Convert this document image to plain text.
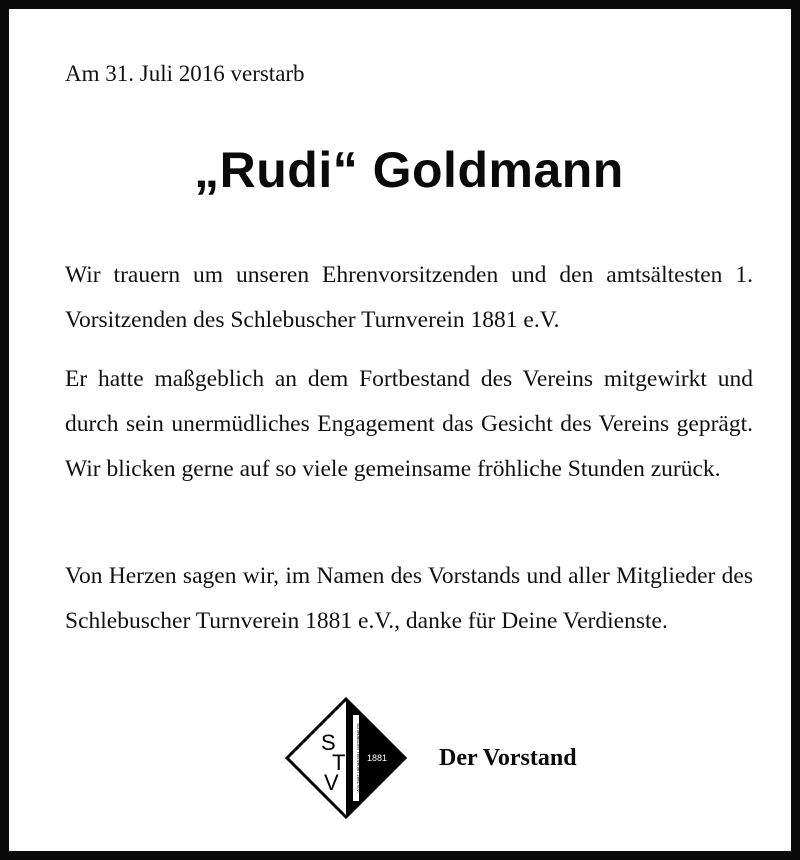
Am 31. Juli 2016 verstarb
„Rudi“ Goldmann
Wir trauern um unseren Ehrenvorsitzenden und den amtsältesten 1. Vorsitzenden des Schlebuscher Turnverein 1881 e.V.
Er hatte maßgeblich an dem Fortbestand des Vereins mitgewirkt und durch sein unermüdliches Engagement das Gesicht des Vereins geprägt. Wir blicken gerne auf so viele gemeinsame fröhliche Stunden zurück.
Von Herzen sagen wir, im Namen des Vorstands und aller Mitglieder des Schlebuscher Turnverein 1881 e.V., danke für Deine Verdienste.
S
T
V	Schlebuscher Turnverein 1881 e.V. 1881 Der Vorstand
